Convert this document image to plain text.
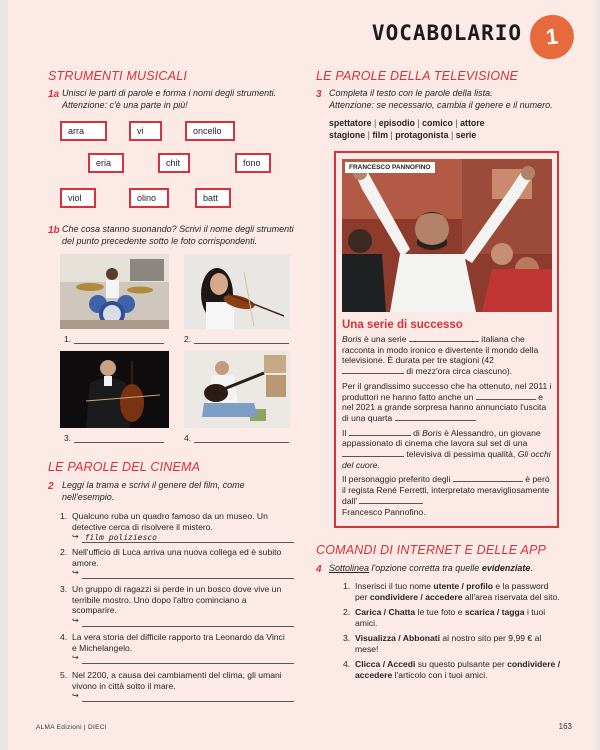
VOCABOLARIO	1
STRUMENTI MUSICALI
1a Unisci le parti di parole e forma i nomi degli strumenti.
Attenzione: c'è una parte in più!
arra	vi	oncello
eria	chit	fono
viol	olino	batt
1b Che cosa stanno suonando? Scrivi il nome degli strumenti
del punto precedente sotto le foto corrispondenti.
1.	2.
3.	4.
LE PAROLE DEL CINEMA
2 Leggi la trama e scrivi il genere del film, come
nell'esempio.
1. Qualcuno ruba un quadro famoso da un museo. Un detective cerca di risolvere il mistero.
↪ film poliziesco
2. Nell'ufficio di Luca arriva una nuova collega ed è subito amore.
↪
3. Un gruppo di ragazzi si perde in un bosco dove vive un terribile mostro. Uno dopo l'altro cominciano a scomparire.
↪
4. La vera storia del difficile rapporto tra Leonardo da Vinci e Michelangelo.
↪
5. Nel 2200, a causa dei cambiamenti del clima, gli umani vivono in città sotto il mare.
↪
LE PAROLE DELLA TELEVISIONE
3 Completa il testo con le parole della lista.
Attenzione: se necessario, cambia il genere e il numero.
spettatore | episodio | comico | attore
stagione | film | protagonista | serie
FRANCESCO PANNOFINO
Una serie di successo

Boris è una serie	italiana che racconta in modo ironico e divertente il mondo della televisione. È durata per tre stagioni (42  di mezz'ora circa ciascuno).

Per il grandissimo successo che ha ottenuto, nel 2011 i produttori ne hanno fatto anche un	e nel 2021 a grande sorpresa hanno annunciato l'uscita di una quarta	.

Il	di Boris è Alessandro, un giovane appassionato di cinema che lavora sul set di una  televisiva di pessima qualità, Gli occhi del cuore.

Il personaggio preferito degli	è però il regista René Ferretti, interpretato meravigliosamente dall'
Francesco Pannofino.

COMANDI DI INTERNET E DELLE APP
4 Sottolinea l'opzione corretta tra quelle evidenziate.
1. Inserisci il tuo nome utente / profilo e la password per condividere / accedere all'area riservata del sito.
2. Carica / Chatta le tue foto e scarica / tagga i tuoi amici.
3. Visualizza / Abbonati al nostro sito per 9,99 € al mese!
4. Clicca / Accedi su questo pulsante per condividere / accedere l'articolo con i tuoi amici.
ALMA Edizioni | DIECI	163
